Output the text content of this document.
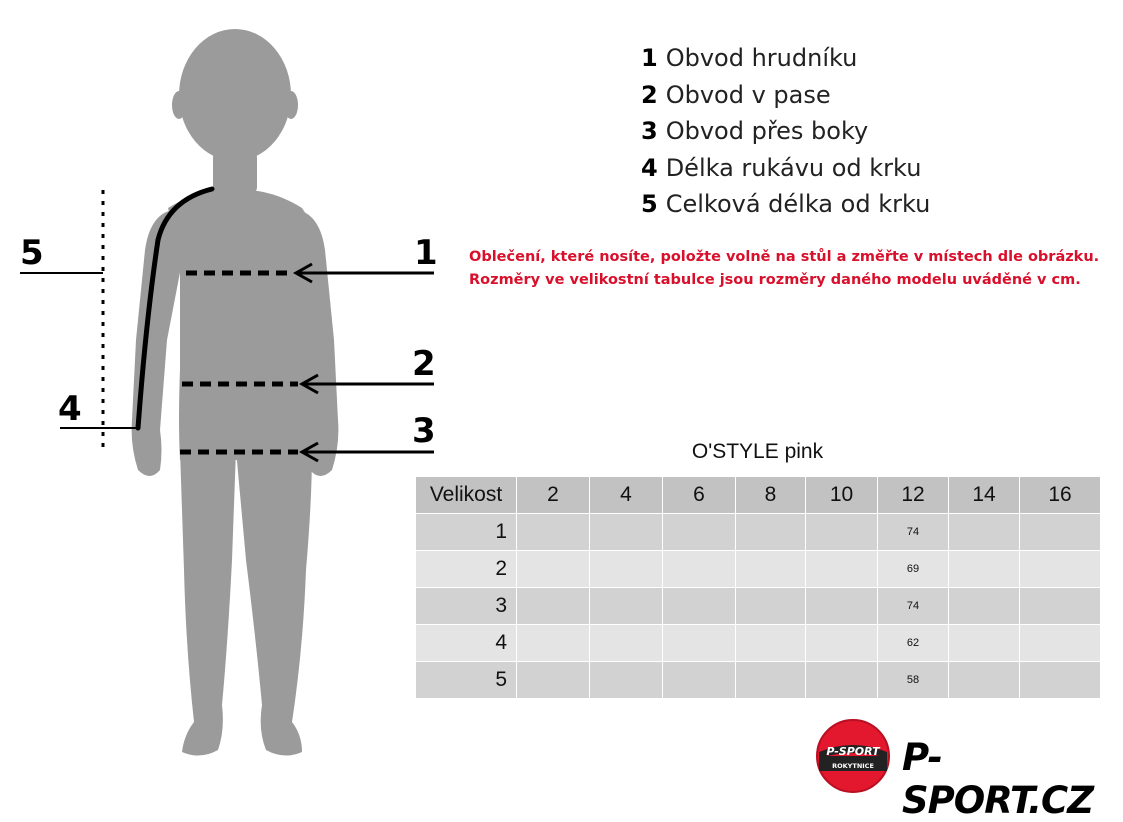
1
2
3
4
5
1 Obvod hrudníku
2 Obvod v pase
3 Obvod přes boky
4 Délka rukávu od krku
5 Celková délka od krku
Oblečení, které nosíte, položte volně na stůl a změřte v místech dle obrázku.
Rozměry ve velikostní tabulce jsou rozměry daného modelu uváděné v cm.
O'STYLE pink
Velikost	2	4	6	8	10	12	14	16
1						74		
2						69		
3						74		
4						62		
5						58		
P-SPORT
ROKYTNICE P-SPORT.CZ
